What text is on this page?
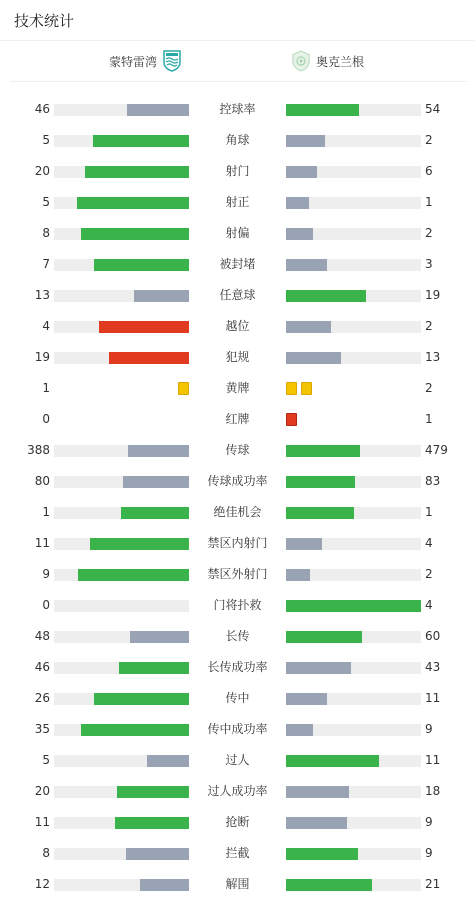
技术统计
蒙特雷湾	奥克兰根
46	控球率	54
5	角球	2
20	射门	6
5	射正	1
8	射偏	2
7	被封堵	3
13	任意球	19
4	越位	2
19	犯规	13
1	黄牌	2
0	红牌	1
388	传球	479
80	传球成功率	83
1	绝佳机会	1
11	禁区内射门	4
9	禁区外射门	2
0	门将扑救	4
48	长传	60
46	长传成功率	43
26	传中	11
35	传中成功率	9
5	过人	11
20	过人成功率	18
11	抢断	9
8	拦截	9
12	解围	21
